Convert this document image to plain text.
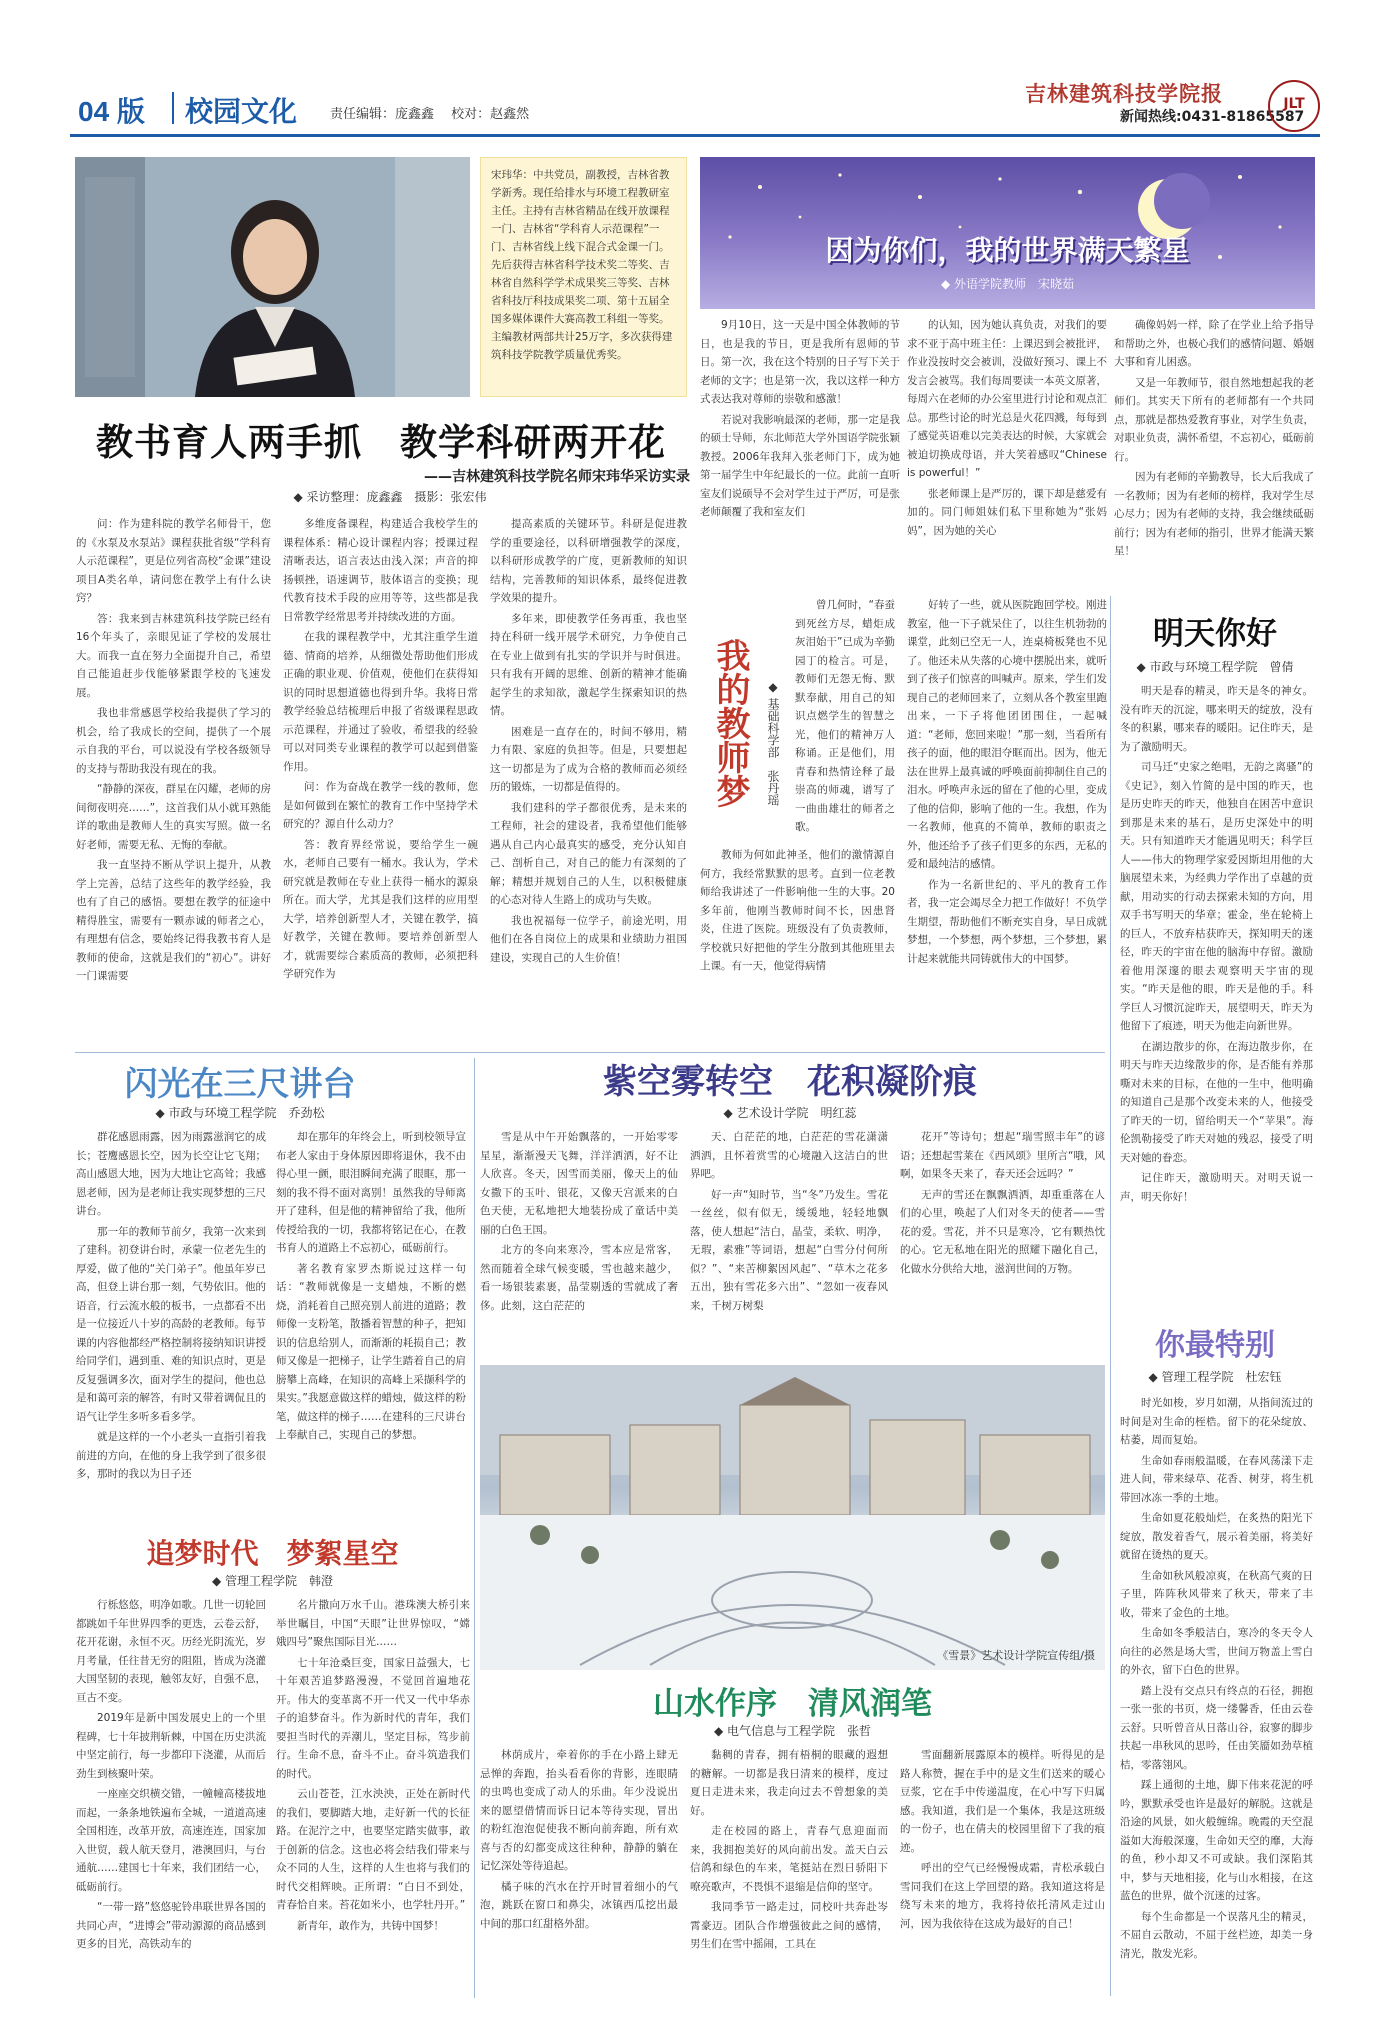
04 版 校园文化	责任编辑：庞鑫鑫　 校对：赵鑫然
吉林建筑科技学院报
新闻热线:0431-81865587
JLT
宋玮华：中共党员，副教授，吉林省教学新秀。现任给排水与环境工程教研室主任。主持有吉林省精品在线开放课程一门、吉林省“学科育人示范课程”一门、吉林省线上线下混合式金课一门。先后获得吉林省科学技术奖二等奖、吉林省自然科学学术成果奖三等奖、吉林省科技厅科技成果奖二项、第十五届全国多媒体课件大赛高教工科组一等奖。主编教材两部共计25万字，多次获得建筑科技学院教学质量优秀奖。
教书育人两手抓　教学科研两开花
——吉林建筑科技学院名师宋玮华采访实录
◆ 采访整理：庞鑫鑫　摄影：张宏伟

问：作为建科院的教学名师骨干，您的《水泵及水泵站》课程获批省级“学科育人示范课程”，更是位列省高校“金课”建设项目A类名单，请问您在教学上有什么诀窍？

答：我来到吉林建筑科技学院已经有16个年头了，亲眼见证了学校的发展壮大。而我一直在努力全面提升自己，希望自己能追赶步伐能够紧跟学校的飞速发展。

我也非常感恩学校给我提供了学习的机会，给了我成长的空间，提供了一个展示自我的平台，可以说没有学校各级领导的支持与帮助我没有现在的我。

“静静的深夜，群星在闪耀，老师的房间彻夜明亮……”，这首我们从小就耳熟能详的歌曲是教师人生的真实写照。做一名好老师，需要无私、无悔的奉献。

我一直坚持不断从学识上提升，从教学上完善，总结了这些年的教学经验，我也有了自己的感悟。要想在教学的征途中精得胜宝，需要有一颗赤诚的师者之心，有理想有信念，要始终记得我教书育人是教师的使命，这就是我们的“初心”。讲好一门课需要

多维度备课程，构建适合我校学生的课程体系：精心设计课程内容；授课过程清晰表达，语言表达由浅入深；声音的抑扬顿挫，语速调节，肢体语言的变换；现代教育技术手段的应用等等，这些都是我日常教学经常思考并持续改进的方面。

在我的课程教学中，尤其注重学生道德、情商的培养，从细微处帮助他们形成正确的职业观、价值观，使他们在获得知识的同时思想道德也得到升华。我将日常教学经验总结梳理后申报了省级课程思政示范课程，并通过了验收，希望我的经验可以对同类专业课程的教学可以起到借鉴作用。

问：作为奋战在教学一线的教师，您是如何做到在繁忙的教育工作中坚持学术研究的？源自什么动力？

答：教育界经常说，要给学生一碗水，老师自己要有一桶水。我认为，学术研究就是教师在专业上获得一桶水的源泉所在。而大学，尤其是我们这样的应用型大学，培养创新型人才，关键在教学，搞好教学，关键在教师。要培养创新型人才，就需要综合素质高的教师，必须把科学研究作为

提高素质的关键环节。科研是促进教学的重要途径，以科研增强教学的深度，以科研形成教学的广度，更新教师的知识结构，完善教师的知识体系，最终促进教学效果的提升。

多年来，即使教学任务再重，我也坚持在科研一线开展学术研究，力争使自己在专业上做到有扎实的学识并与时俱进。只有我有开阔的思维、创新的精神才能确起学生的求知欲，激起学生探索知识的热情。

困难是一直存在的，时间不够用，精力有限、家庭的负担等。但是，只要想起这一切都是为了成为合格的教师而必须经历的锻炼，一切都是值得的。

我们建科的学子都很优秀，是未来的工程师，社会的建设者，我希望他们能够遇从自己内心最真实的感受，充分认知自己、剖析自己，对自己的能力有深刻的了解；精想并规划自己的人生，以积极健康的心态对待人生路上的成功与失败。

我也祝福每一位学子，前途光明，用他们在各自岗位上的成果和业绩助力祖国建设，实现自己的人生价值！

因为你们，我的世界满天繁星
◆ 外语学院教师　宋晓茹

9月10日，这一天是中国全体教师的节日，也是我的节日，更是我所有恩师的节日。第一次，我在这个特别的日子写下关于老师的文字；也是第一次，我以这样一种方式表达我对尊师的崇敬和感激！

若说对我影响最深的老师，那一定是我的硕士导师，东北师范大学外国语学院张颖教授。2006年我拜入张老师门下，成为她第一届学生中年纪最长的一位。此前一直听室友们说硕导不会对学生过于严厉，可是张老师颠覆了我和室友们

的认知，因为她认真负责，对我们的要求不亚于高中班主任：上课迟到会被批评，作业没按时交会被训，没做好预习、课上不发言会被骂。我们每周要读一本英文原著，每周六在老师的办公室里进行讨论和观点汇总。那些讨论的时光总是火花四溅，每每到了感觉英语难以完美表达的时候，大家就会被迫切换成母语，并大笑着感叹“Chinese is powerful！”

张老师课上是严厉的，课下却是慈爱有加的。同门师姐妹们私下里称她为“张妈妈”，因为她的关心

确像妈妈一样，除了在学业上给予指导和帮助之外，也极心我们的感情问题、婚姻大事和育儿困惑。

又是一年教师节，很自然地想起我的老师们。其实天下所有的老师都有一个共同点，那就是都热爱教育事业，对学生负责，对职业负责，满怀希望，不忘初心，砥砺前行。

因为有老师的辛勤教导，长大后我成了一名教师；因为有老师的榜样，我对学生尽心尽力；因为有老师的支持，我会继续砥砺前行；因为有老师的指引，世界才能满天繁星！

我的教师梦	◆ 基础科学部　张丹瑶

曾几何时，“春蚕到死丝方尽，蜡炬成灰泪始干”已成为辛勤园丁的检言。可是，教师们无怨无悔、默默奉献，用自己的知识点燃学生的智慧之光，他们的精神万人称诵。正是他们，用青春和热情诠释了最崇高的师魂，谱写了一曲曲雄壮的师者之歌。

教师为何如此神圣，他们的激情源自何方，我经常默默的思考。直到一位老教师给我讲述了一件影响他一生的大事。20多年前，他刚当教师时间不长，因患肾炎，住进了医院。班级没有了负责教师，学校就只好把他的学生分散到其他班里去上课。有一天，他觉得病情

好转了一些，就从医院跑回学校。刚进教室，他一下子就呆住了，以往生机勃勃的课堂，此刻已空无一人，连桌椅板凳也不见了。他还未从失落的心境中摆脱出来，就听到了孩子们惊喜的叫喊声。原来，学生们发现自己的老师回来了，立刻从各个教室里跑出来，一下子将他团团围住，一起喊道：“老师，您回来啦！”那一刻，当看所有孩子的面，他的眼泪夺眶而出。因为，他无法在世界上最真诚的呼唤面前抑制住自己的泪水。呼唤声永远的留在了他的心里，变成了他的信仰，影响了他的一生。我想，作为一名教师，他真的不简单，教师的职责之外，他还给予了孩子们更多的东西，无私的爱和最纯洁的感情。

作为一名新世纪的、平凡的教育工作者，我一定会竭尽全力把工作做好！不负学生期望，帮助他们不断充实自身，早日成就梦想，一个梦想，两个梦想，三个梦想，累计起来就能共同铸就伟大的中国梦。

明天你好
◆ 市政与环境工程学院　曾倩

明天是春的精灵，昨天是冬的神女。没有昨天的沉淀，哪来明天的绽放，没有冬的积累，哪来春的暖阳。记住昨天，是为了激励明天。

司马迁“史家之绝唱，无韵之离骚”的《史记》，刻入竹简的是中国的昨天，也是历史昨天的昨天，他独自在困苦中意识到那是未来的基石，是历史深处中的明天。只有知道昨天才能遇见明天；科学巨人——伟大的物理学家爱因斯坦用他的大脑展望未来，为经典力学作出了卓越的贡献，用动实的行动去探索未知的方向，用双手书写明天的华章；霍金，坐在轮椅上的巨人，不放弃枯获昨天，探知明天的迷径，昨天的宇宙在他的脑海中存留。激励着他用深邃的眼去观察明天宇宙的现实。“昨天是他的眼，昨天是他的手。科学巨人习惯沉淀昨天，展望明天，昨天为他留下了痕迹，明天为他走向新世界。

在湖边散步的你，在海边散步你，在明天与昨天边缘散步的你，是否能有养那嘶对未来的目标，在他的一生中，他明确的知道自己是那个改变未来的人，他接受了昨天的一切，留给明天一个“苹果”。海伦凯勒接受了昨天对她的残忍，接受了明天对她的眷恋。

记住昨天，激励明天。对明天说一声，明天你好！

你最特别
◆ 管理工程学院　杜宏钰

时光如梭，岁月如潮，从指间流过的时间是对生命的桎梏。留下的花朵绽放、枯萎，周而复始。

生命如春雨般温暖，在春风荡漾下走进人间，带来绿草、花香、树芽，将生机带回冰冻一季的土地。

生命如夏花般灿烂，在炙热的阳光下绽放，散发着香气，展示着美丽，将美好就留在烫热的夏天。

生命如秋风般凉爽，在秋高气爽的日子里，阵阵秋风带来了秋天，带来了丰收，带来了金色的土地。

生命如冬季般洁白，寒冷的冬天令人向往的必然是场大雪，世间万物盖上雪白的外衣，留下白色的世界。

踏上没有交点只有终点的石径，拥抱一张一张的书页，烧一缕馨香，任由云卷云舒。只听曾音从日落山谷，寂寥的脚步扶起一串秋风的思吟，任由笑靥如劲草植桔，零落翎风。

踩上通彻的土地，脚下伟来花泥的呼吟，默默承受也许是最好的解脱。这就是沿途的风景，如火般缠绵。晚霞的天空混溢如大海般深邃，生命如天空的靡，大海的鱼，秒小却又不可或缺。我们深陷其中，梦与天地相接，化与山水相接，在这蓝色的世界，做个沉迷的过客。

每个生命都是一个误落凡尘的精灵，不屈自云散动，不屈于丝栏迹，却美一身清光，散发光彩。

闪光在三尺讲台
◆ 市政与环境工程学院　乔劲松

群花感恩雨露，因为雨露滋润它的成长；苍鹰感恩长空，因为长空让它飞翔；高山感恩大地，因为大地让它高耸；我感恩老师，因为是老师让我实现梦想的三尺讲台。

那一年的教师节前夕，我第一次来到了建科。初登讲台时，承蒙一位老先生的厚爱，做了他的“关门弟子”。他虽年岁已高，但登上讲台那一刻，气势依旧。他的语音，行云流水般的板书，一点都看不出是一位接近八十岁的高龄的老教师。每节课的内容他都经严格控制将接纳知识讲授给同学们，遇到重、难的知识点时，更是反复强调多次，面对学生的提问，他也总是和蔼可亲的解答，有时又带着调侃且的语气让学生多听多看多学。

就是这样的一个小老头一直指引着我前进的方向，在他的身上我学到了很多很多，那时的我以为日子还

却在那年的年终会上，听到校领导宣布老人家由于身体原因即将退休，我不由得心里一颤，眼泪瞬间充满了眼眶，那一刻的我不得不面对离别！虽然我的导师离开了建科，但是他的精神留给了我，他所传授给我的一切，我都将铭记在心，在教书育人的道路上不忘初心，砥砺前行。

著名教育家罗杰斯说过这样一句话：“教师就像是一支蜡烛，不断的燃烧，消耗着自己照亮别人前进的道路；教师像一支粉笔，散播着智慧的种子，把知识的信息给别人，而渐渐的耗损自己；教师又像是一把梯子，让学生踏着自己的肩膀攀上高峰，在知识的高峰上采撷科学的果实。”我愿意做这样的蜡烛，做这样的粉笔，做这样的梯子……在建科的三尺讲台上奉献自己，实现自己的梦想。

紫空雾转空　花积凝阶痕
◆ 艺术设计学院　明红蕊

雪是从中午开始飘落的，一开始零零星星，渐渐漫天飞舞，洋洋洒洒，好不让人欣喜。冬天，因雪而美丽，像天上的仙女撒下的玉叶、银花，又像天宫派来的白色天使，无私地把大地装扮成了童话中美丽的白色王国。

北方的冬向来寒冷，雪本应是常客，然而随着全球气候变暖，雪也越来越少，看一场银装素裹，晶莹剔透的雪就成了奢侈。此刻，这白茫茫的

天、白茫茫的地，白茫茫的雪花潇潇洒洒，且怀着赏雪的心境融入这洁白的世界吧。

好一声“知时节，当“冬”乃发生。雪花一丝丝，似有似无，缓缓地，轻轻地飘落，使人想起“洁白，晶莹，柔软、明净，无瑕，素雅”等词语，想起“白雪分付何所似？”、“来苦柳絮因风起”、“草木之花多五出，独有雪花多六出”、“忽如一夜春风来，千树万树梨

花开”等诗句；想起“瑞雪照丰年”的谚语；还想起雪莱在《西风颂》里所言“哦，风啊，如果冬天来了，春天还会远吗？”

无声的雪还在飘飘洒洒，却重重落在人们的心里，唤起了人们对冬天的使者——雪花的爱。雪花，并不只是寒冷，它有颗热忱的心。它无私地在阳光的照耀下融化自己，化做水分供给大地，滋润世间的万物。

《雪景》艺术设计学院宣传组/摄
追梦时代　梦絮星空
◆ 管理工程学院　韩澄

行栎悠悠，明净如歌。几世一切轮回都跳如千年世界四季的更迭，云卷云舒，花开花谢，永恒不灭。历经光阴流光，岁月考量，任往昔无穷的阻阻，皆成为浇灌大国坚韧的表现，触邻友好，自强不息，亘古不变。

2019年是新中国发展史上的一个里程碑，七十年披荆斩棘，中国在历史洪流中坚定前行，每一步都印下浇灌，从而后劲生到核聚叶荣。

一座座交织横交错，一幢幢高楼拔地而起，一条条地铁遍布全城，一道道高速全国相连，改革开放，高速连连，国家加入世贸，载人航天登月，港澳回归，与台通航……建国七十年来，我们团结一心，砥砺前行。

“一带一路”悠悠驼铃串联世界各国的共同心声，“进博会”带动源源的商品感到更多的目光，高铁动车的

名片撒向万水千山。港珠澳大桥引来举世瞩目，中国“天眼”让世界惊叹，“嫦娥四号”聚焦国际目光……

七十年沧桑巨变，国家日益强大，七十年艰苦追梦路漫漫，不觉回首遍地花开。伟大的变革离不开一代又一代中华赤子的追梦奋斗。作为新时代的青年，我们要担当时代的弄潮儿，坚定目标，笃步前行。生命不息，奋斗不止。奋斗筑造我们的时代。

云山苍苍，江水泱泱，正处在新时代的我们，要脚踏大地，走好新一代的长征路。在泥泞之中，也要坚定踏实做事，敢于创新的信念。这也必将会结我们带来与众不同的人生，这样的人生也将与我们的时代交相辉映。正所谓：“白日不到处，青春恰自来。苔花如米小，也学牡丹开。”

新青年，敢作为，共铸中国梦！

山水作序　清风润笔
◆ 电气信息与工程学院　张哲

林荫成片，牵着你的手在小路上肆无忌惮的奔跑，抬头看看你的背影，连眼睛的虫鸣也变成了动人的乐曲。年少没说出来的愿望借情而诉日记本等待实现，冒出的粉红泡泡促使我不断向前奔跑，所有欢喜与否的幻都变成这往种种，静静的躺在记忆深处等待追起。

橘子味的汽水在拧开时冒着细小的气泡，跳跃在窗口和鼻尖，冰镇西瓜挖出最中间的那口红甜格外甜。

黏稠的青春，拥有梧桐的眼藏的遐想的糖解。一切都是我日清来的模样，度过夏日走进未来，我走向过去不曾想象的美好。

走在校园的路上，青春气息迎面而来，我拥抱美好的风向前出发。盖天白云信鸽和绿色的车来，笔挺站在烈日骄阳下嘹亮歌声，不畏惧不退缩是信仰的坚守。

我同季节一路走过，同校叶共奔赴岑霄豪迈。团队合作增强彼此之间的感情，男生们在雪中摇闹，工具在

雪面翻新展露原本的模样。听得见的是路人称赞，握在手中的是文生们送来的暖心豆浆，它在手中传递温度，在心中写下归属感。我知道，我们是一个集体，我是这班级的一份子，也在倩夫的校园里留下了我的痕迹。

呼出的空气已经慢慢成霜，青松承载白雪同我们在这上学回望的路。我知道这将是绕写未来的地方，我将持依托清风走过山河，因为我依待在这成为最好的自己！
